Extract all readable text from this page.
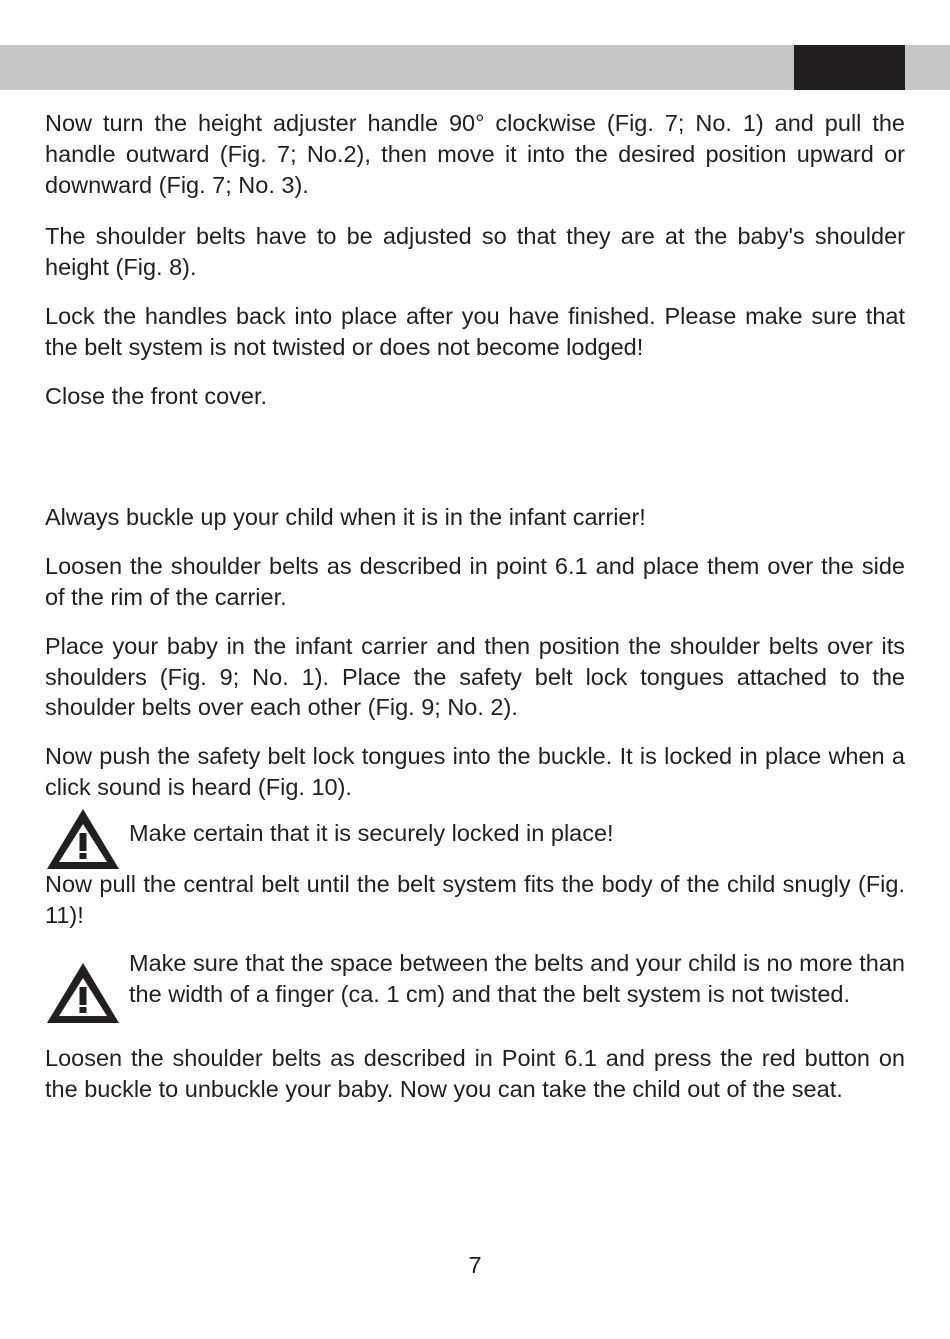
Now turn the height adjuster handle 90° clockwise (Fig. 7; No. 1) and pull the handle outward (Fig. 7; No.2), then move it into the desired position upward or downward (Fig. 7; No. 3).

The shoulder belts have to be adjusted so that they are at the baby's shoulder height (Fig. 8).

Lock the handles back into place after you have finished. Please make sure that the belt system is not twisted or does not become lodged!

Close the front cover.

Always buckle up your child when it is in the infant carrier!

Loosen the shoulder belts as described in point 6.1 and place them over the side of the rim of the carrier.

Place your baby in the infant carrier and then position the shoulder belts over its shoulders (Fig. 9; No. 1). Place the safety belt lock tongues attached to the shoulder belts over each other (Fig. 9; No. 2).

Now push the safety belt lock tongues into the buckle. It is locked in place when a click sound is heard (Fig. 10).

Make certain that it is securely locked in place!

Now pull the central belt until the belt system fits the body of the child snugly (Fig. 11)!

Make sure that the space between the belts and your child is no more than the width of a finger (ca. 1 cm) and that the belt system is not twisted.

Loosen the shoulder belts as described in Point 6.1 and press the red button on the buckle to unbuckle your baby. Now you can take the child out of the seat.

7
